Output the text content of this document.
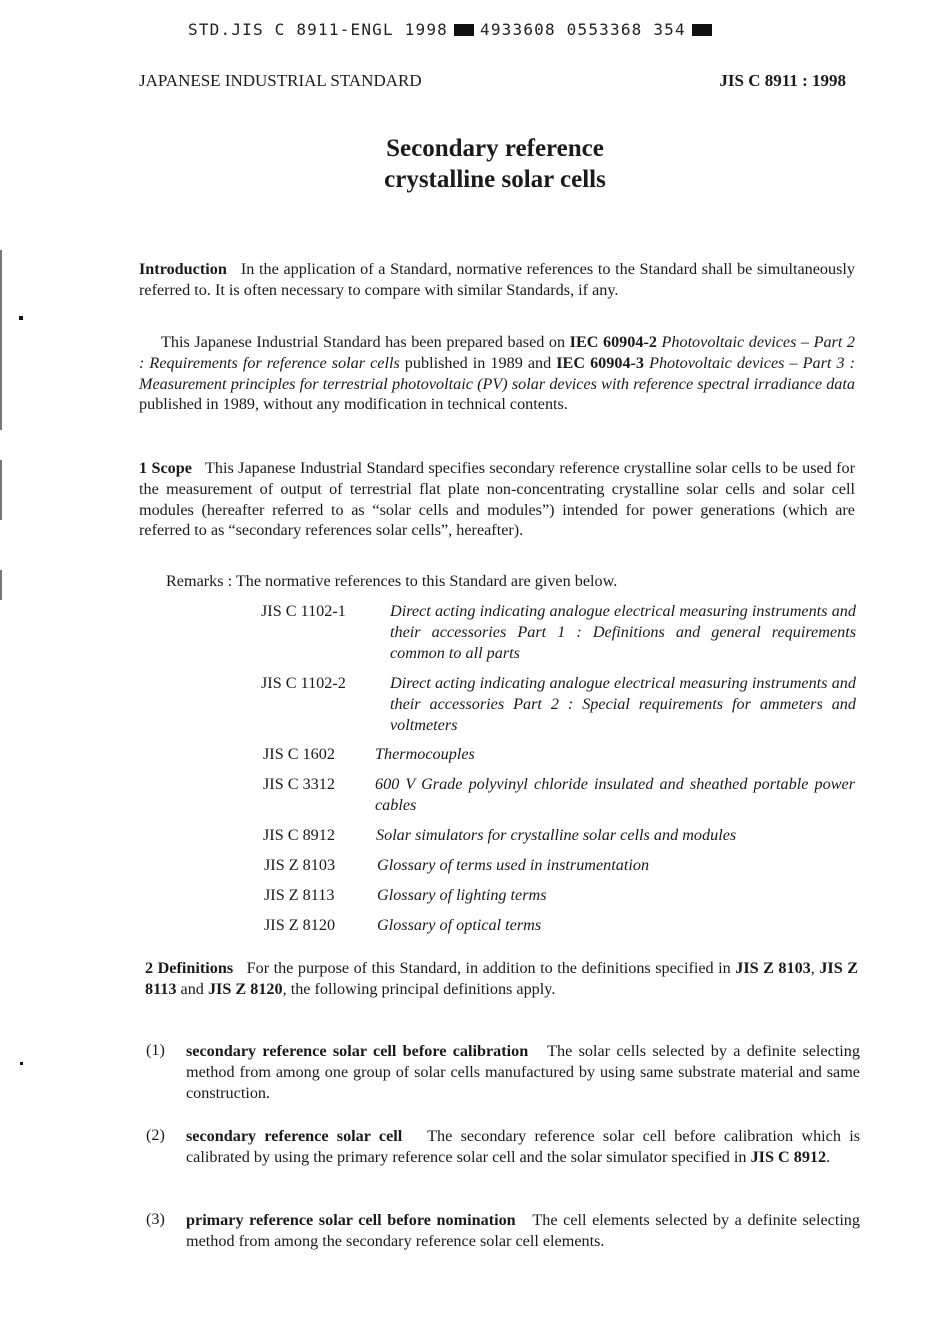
STD.JIS C 8911-ENGL 1998 4933608 0553368 354
JAPANESE INDUSTRIAL STANDARD	JIS C 8911 : 1998
Secondary reference
crystalline solar cells
Introduction In the application of a Standard, normative references to the Standard shall be simultaneously referred to. It is often necessary to compare with similar Standards, if any.
This Japanese Industrial Standard has been prepared based on IEC 60904-2 Photovoltaic devices – Part 2 : Requirements for reference solar cells published in 1989 and IEC 60904-3 Photovoltaic devices – Part 3 : Measurement principles for terrestrial photovoltaic (PV) solar devices with reference spectral irradiance data published in 1989, without any modification in technical contents.
1 Scope This Japanese Industrial Standard specifies secondary reference crystalline solar cells to be used for the measurement of output of terrestrial flat plate non-concentrating crystalline solar cells and solar cell modules (hereafter referred to as “solar cells and modules”) intended for power generations (which are referred to as “secondary references solar cells”, hereafter).
Remarks : The normative references to this Standard are given below.
JIS C 1102-1	Direct acting indicating analogue electrical measuring instruments and their accessories Part 1 : Definitions and general requirements common to all parts
JIS C 1102-2	Direct acting indicating analogue electrical measuring instruments and their accessories Part 2 : Special requirements for ammeters and voltmeters
JIS C 1602 Thermocouples
JIS C 3312 600 V Grade polyvinyl chloride insulated and sheathed portable power cables
JIS C 8912	Solar simulators for crystalline solar cells and modules
JIS Z 8103	Glossary of terms used in instrumentation
JIS Z 8113	Glossary of lighting terms
JIS Z 8120	Glossary of optical terms
2 Definitions For the purpose of this Standard, in addition to the definitions specified in JIS Z 8103, JIS Z 8113 and JIS Z 8120, the following principal definitions apply.
(1) secondary reference solar cell before calibration The solar cells selected by a definite selecting method from among one group of solar cells manufactured by using same substrate material and same construction.
(2) secondary reference solar cell The secondary reference solar cell before calibration which is calibrated by using the primary reference solar cell and the solar simulator specified in JIS C 8912.
(3) primary reference solar cell before nomination The cell elements selected by a definite selecting method from among the secondary reference solar cell elements.
